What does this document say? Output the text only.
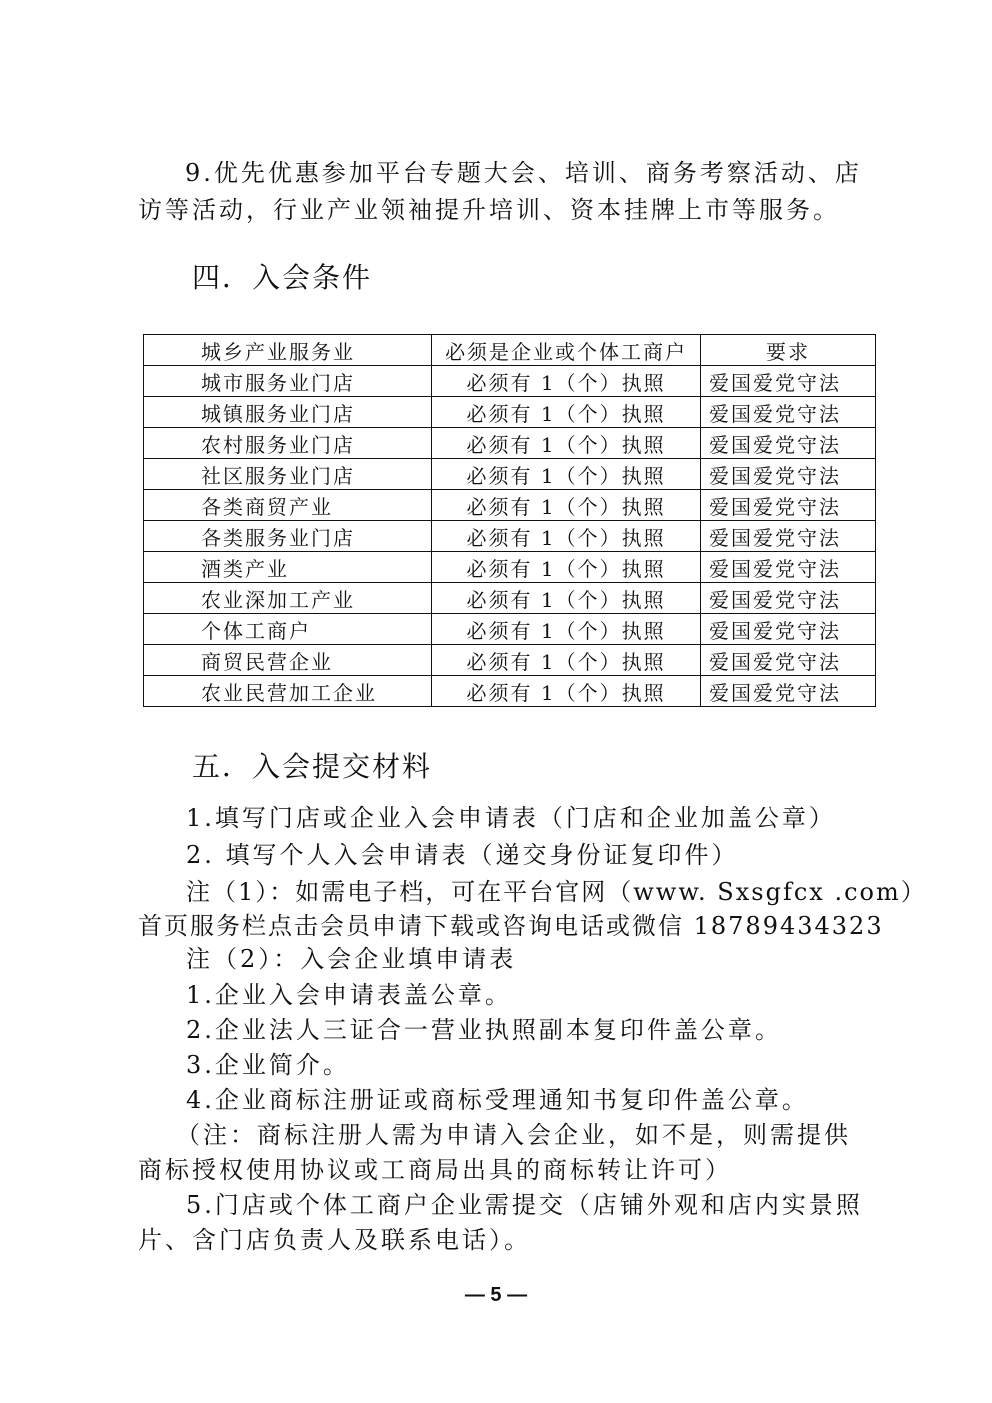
9.优先优惠参加平台专题大会、培训、商务考察活动、店
访等活动，行业产业领袖提升培训、资本挂牌上市等服务。
四．入会条件
城乡产业服务业	必须是企业或个体工商户	要求
城市服务业门店	必须有 1（个）执照	爱国爱党守法
城镇服务业门店	必须有 1（个）执照	爱国爱党守法
农村服务业门店	必须有 1（个）执照	爱国爱党守法
社区服务业门店	必须有 1（个）执照	爱国爱党守法
各类商贸产业	必须有 1（个）执照	爱国爱党守法
各类服务业门店	必须有 1（个）执照	爱国爱党守法
酒类产业	必须有 1（个）执照	爱国爱党守法
农业深加工产业	必须有 1（个）执照	爱国爱党守法
个体工商户	必须有 1（个）执照	爱国爱党守法
商贸民营企业	必须有 1（个）执照	爱国爱党守法
农业民营加工企业	必须有 1（个）执照	爱国爱党守法
五．入会提交材料
1.填写门店或企业入会申请表（门店和企业加盖公章）
2. 填写个人入会申请表（递交身份证复印件）
注（1）：如需电子档，可在平台官网（www. Sxsgfcx .com）
首页服务栏点击会员申请下载或咨询电话或微信 18789434323
注（2）：入会企业填申请表
1.企业入会申请表盖公章。
2.企业法人三证合一营业执照副本复印件盖公章。
3.企业简介。
4.企业商标注册证或商标受理通知书复印件盖公章。
（注：商标注册人需为申请入会企业，如不是，则需提供
商标授权使用协议或工商局出具的商标转让许可）
5.门店或个体工商户企业需提交（店铺外观和店内实景照
片、含门店负责人及联系电话）。
— 5 —
